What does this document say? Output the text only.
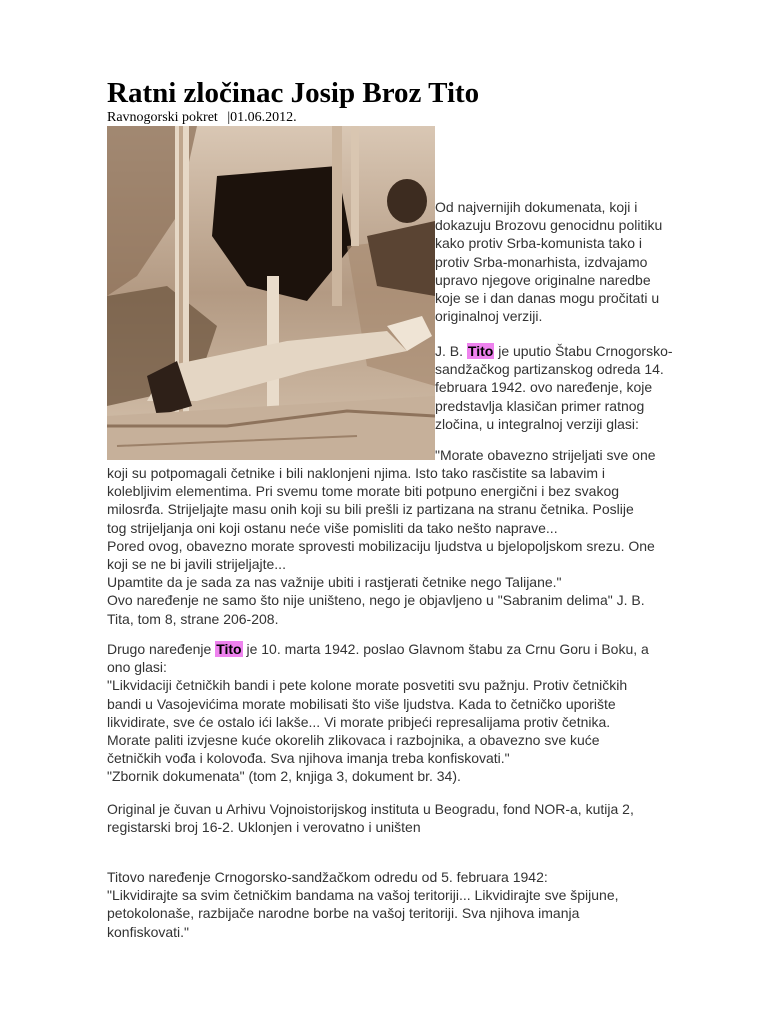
Ratni zločinac Josip Broz Tito
Ravnogorski pokret |01.06.2012.
Od najvernijih dokumenata, koji i
dokazuju Brozovu genocidnu politiku
kako protiv Srba-komunista tako i
protiv Srba-monarhista, izdvajamo
upravo njegove originalne naredbe
koje se i dan danas mogu pročitati u
originalnoj verziji.
J. B. Tito je uputio Štabu Crnogorsko-
sandžačkog partizanskog odreda 14.
februara 1942. ovo naređenje, koje
predstavlja klasičan primer ratnog
zločina, u integralnoj verziji glasi:
"Morate obavezno strijeljati sve one
koji su potpomagali četnike i bili naklonjeni njima. Isto tako rasčistite sa labavim i
kolebljivim elementima. Pri svemu tome morate biti potpuno energični i bez svakog
milosrđa. Strijeljajte masu onih koji su bili prešli iz partizana na stranu četnika. Poslije
tog strijeljanja oni koji ostanu neće više pomisliti da tako nešto naprave...
Pored ovog, obavezno morate sprovesti mobilizaciju ljudstva u bjelopoljskom srezu. One
koji se ne bi javili strijeljajte...
Upamtite da je sada za nas važnije ubiti i rastjerati četnike nego Talijane."
Ovo naređenje ne samo što nije uništeno, nego je objavljeno u "Sabranim delima" J. B.
Tita, tom 8, strane 206-208.
Drugo naređenje Tito je 10. marta 1942. poslao Glavnom štabu za Crnu Goru i Boku, a
ono glasi:
"Likvidaciji četničkih bandi i pete kolone morate posvetiti svu pažnju. Protiv četničkih
bandi u Vasojevićima morate mobilisati što više ljudstva. Kada to četničko uporište
likvidirate, sve će ostalo ići lakše... Vi morate pribjeći represalijama protiv četnika.
Morate paliti izvjesne kuće okorelih zlikovaca i razbojnika, a obavezno sve kuće
četničkih vođa i kolovođa. Sva njihova imanja treba konfiskovati."
"Zbornik dokumenata" (tom 2, knjiga 3, dokument br. 34).
Original je čuvan u Arhivu Vojnoistorijskog instituta u Beogradu, fond NOR-a, kutija 2,
registarski broj 16-2. Uklonjen i verovatno i uništen
Titovo naređenje Crnogorsko-sandžačkom odredu od 5. februara 1942:
"Likvidirajte sa svim četničkim bandama na vašoj teritoriji... Likvidirajte sve špijune,
petokolonaše, razbijače narodne borbe na vašoj teritoriji. Sva njihova imanja
konfiskovati."
